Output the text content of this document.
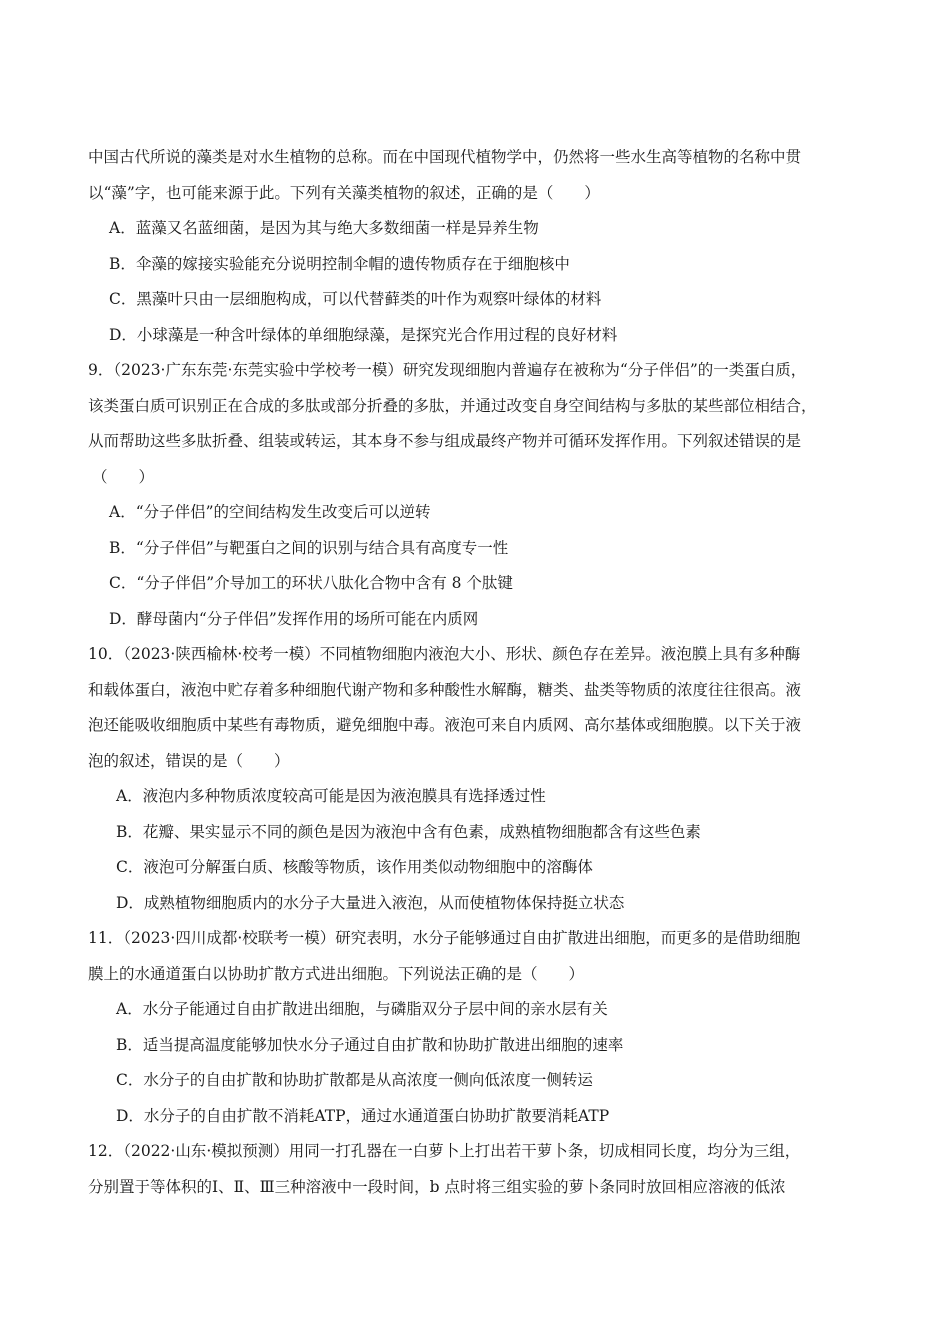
中国古代所说的藻类是对水生植物的总称。而在中国现代植物学中，仍然将一些水生高等植物的名称中贯
以“藻”字，也可能来源于此。下列有关藻类植物的叙述，正确的是（　　）
A．蓝藻又名蓝细菌，是因为其与绝大多数细菌一样是异养生物
B．伞藻的嫁接实验能充分说明控制伞帽的遗传物质存在于细胞核中
C．黑藻叶只由一层细胞构成，可以代替藓类的叶作为观察叶绿体的材料
D．小球藻是一种含叶绿体的单细胞绿藻，是探究光合作用过程的良好材料
9．（2023·广东东莞·东莞实验中学校考一模）研究发现细胞内普遍存在被称为“分子伴侣”的一类蛋白质，
该类蛋白质可识别正在合成的多肽或部分折叠的多肽，并通过改变自身空间结构与多肽的某些部位相结合，
从而帮助这些多肽折叠、组装或转运，其本身不参与组成最终产物并可循环发挥作用。下列叙述错误的是
（　　）
A．“分子伴侣”的空间结构发生改变后可以逆转
B．“分子伴侣”与靶蛋白之间的识别与结合具有高度专一性
C．“分子伴侣”介导加工的环状八肽化合物中含有 8 个肽键
D．酵母菌内“分子伴侣”发挥作用的场所可能在内质网
10．（2023·陕西榆林·校考一模）不同植物细胞内液泡大小、形状、颜色存在差异。液泡膜上具有多种酶
和载体蛋白，液泡中贮存着多种细胞代谢产物和多种酸性水解酶，糖类、盐类等物质的浓度往往很高。液
泡还能吸收细胞质中某些有毒物质，避免细胞中毒。液泡可来自内质网、高尔基体或细胞膜。以下关于液
泡的叙述，错误的是（　　）
A．液泡内多种物质浓度较高可能是因为液泡膜具有选择透过性
B．花瓣、果实显示不同的颜色是因为液泡中含有色素，成熟植物细胞都含有这些色素
C．液泡可分解蛋白质、核酸等物质，该作用类似动物细胞中的溶酶体
D．成熟植物细胞质内的水分子大量进入液泡，从而使植物体保持挺立状态
11．（2023·四川成都·校联考一模）研究表明，水分子能够通过自由扩散进出细胞，而更多的是借助细胞
膜上的水通道蛋白以协助扩散方式进出细胞。下列说法正确的是（　　）
A．水分子能通过自由扩散进出细胞，与磷脂双分子层中间的亲水层有关
B．适当提高温度能够加快水分子通过自由扩散和协助扩散进出细胞的速率
C．水分子的自由扩散和协助扩散都是从高浓度一侧向低浓度一侧转运
D．水分子的自由扩散不消耗ATP，通过水通道蛋白协助扩散要消耗ATP
12．（2022·山东·模拟预测）用同一打孔器在一白萝卜上打出若干萝卜条，切成相同长度，均分为三组，
分别置于等体积的Ⅰ、Ⅱ、Ⅲ三种溶液中一段时间，b 点时将三组实验的萝卜条同时放回相应溶液的低浓
